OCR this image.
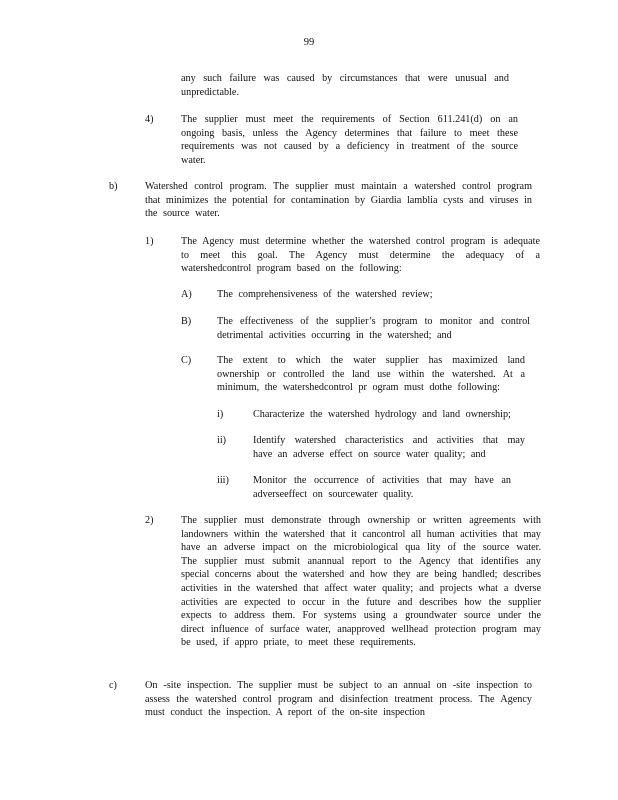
99
any such failure was caused by circumstances that were unusual and unpredictable.
4)	The supplier must meet the requirements of Section 611.241(d) on an ongoing basis, unless the Agency determines that failure to meet these requirements was not caused by a deficiency in treatment of the source water.
b)	Watershed control program. The supplier must maintain a watershed control program that minimizes the potential for contamination by Giardia lamblia cysts and viruses in the source water.
1)	The Agency must determine whether the watershed control program is adequate to meet this goal. The Agency must determine the adequacy of a watershedcontrol program based on the following:
A) The comprehensiveness of the watershed review;
B)	The effectiveness of the supplier’s program to monitor and control detrimental activities occurring in the watershed; and
C)	The extent to which the water supplier has maximized land ownership or controlled the land use within the watershed. At a minimum, the watershedcontrol pr ogram must dothe following:
i)	Characterize the watershed hydrology and land ownership;
ii)	Identify watershed characteristics and activities that may have an adverse effect on source water quality; and
iii) Monitor the occurrence of activities that may have an adverseeffect on sourcewater quality.
2)	The supplier must demonstrate through ownership or written agreements with landowners within the watershed that it cancontrol all human activities that may have an adverse impact on the microbiological qua lity of the source water. The supplier must submit anannual report to the Agency that identifies any special concerns about the watershed and how they are being handled; describes activities in the watershed that affect water quality; and projects what a dverse activities are expected to occur in the future and describes how the supplier expects to address them. For systems using a groundwater source under the direct influence of surface water, anapproved wellhead protection program may be used, if appro priate, to meet these requirements.
c)	On -site inspection. The supplier must be subject to an annual on -site inspection to assess the watershed control program and disinfection treatment process. The Agency must conduct the inspection. A report of the on-site inspection
